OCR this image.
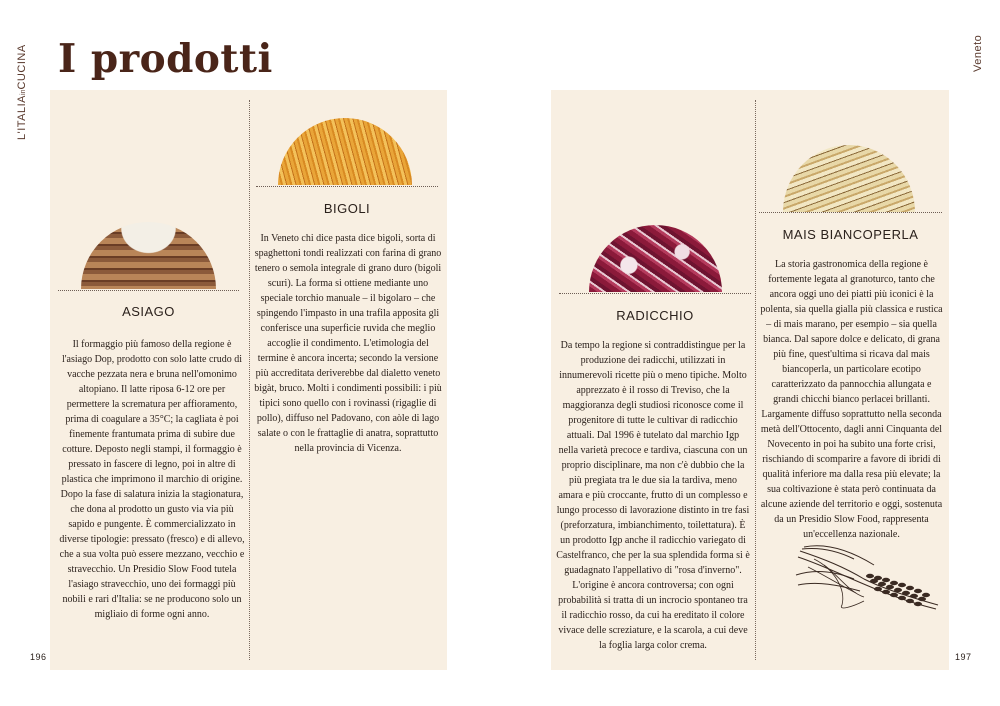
L'ITALIAinCUCINA	Veneto
I prodotti
ASIAGO
Il formaggio più famoso della regione è l'asiago Dop, prodotto con solo latte crudo di vacche pezzata nera e bruna nell'omonimo altopiano. Il latte riposa 6-12 ore per permettere la scrematura per affioramento, prima di coagulare a 35°C; la cagliata è poi finemente frantumata prima di subire due cotture. Deposto negli stampi, il formaggio è pressato in fascere di legno, poi in altre di plastica che imprimono il marchio di origine. Dopo la fase di salatura inizia la stagionatura, che dona al prodotto un gusto via via più sapido e pungente. È commercializzato in diverse tipologie: pressato (fresco) e di allevo, che a sua volta può essere mezzano, vecchio e stravecchio. Un Presidio Slow Food tutela l'asiago stravecchio, uno dei formaggi più nobili e rari d'Italia: se ne producono solo un migliaio di forme ogni anno.
BIGOLI
In Veneto chi dice pasta dice bigoli, sorta di spaghettoni tondi realizzati con farina di grano tenero o semola integrale di grano duro (bigoli scuri). La forma si ottiene mediante uno speciale torchio manuale – il bigolaro – che spingendo l'impasto in una trafila apposita gli conferisce una superficie ruvida che meglio accoglie il condimento. L'etimologia del termine è ancora incerta; secondo la versione più accreditata deriverebbe dal dialetto veneto bigàt, bruco. Molti i condimenti possibili: i più tipici sono quello con i rovinassi (rigaglie di pollo), diffuso nel Padovano, con aòle di lago salate o con le frattaglie di anatra, soprattutto nella provincia di Vicenza.
RADICCHIO
Da tempo la regione si contraddistingue per la produzione dei radicchi, utilizzati in innumerevoli ricette più o meno tipiche. Molto apprezzato è il rosso di Treviso, che la maggioranza degli studiosi riconosce come il progenitore di tutte le cultivar di radicchio attuali. Dal 1996 è tutelato dal marchio Igp nella varietà precoce e tardiva, ciascuna con un proprio disciplinare, ma non c'è dubbio che la più pregiata tra le due sia la tardiva, meno amara e più croccante, frutto di un complesso e lungo processo di lavorazione distinto in tre fasi (preforzatura, imbianchimento, toilettatura). È un prodotto Igp anche il radicchio variegato di Castelfranco, che per la sua splendida forma si è guadagnato l'appellativo di "rosa d'inverno". L'origine è ancora controversa; con ogni probabilità si tratta di un incrocio spontaneo tra il radicchio rosso, da cui ha ereditato il colore vivace delle screziature, e la scarola, a cui deve la foglia larga color crema.
MAIS BIANCOPERLA
La storia gastronomica della regione è fortemente legata al granoturco, tanto che ancora oggi uno dei piatti più iconici è la polenta, sia quella gialla più classica e rustica – di mais marano, per esempio – sia quella bianca. Dal sapore dolce e delicato, di grana più fine, quest'ultima si ricava dal mais biancoperla, un particolare ecotipo caratterizzato da pannocchia allungata e grandi chicchi bianco perlacei brillanti. Largamente diffuso soprattutto nella seconda metà dell'Ottocento, dagli anni Cinquanta del Novecento in poi ha subito una forte crisi, rischiando di scomparire a favore di ibridi di qualità inferiore ma dalla resa più elevate; la sua coltivazione è stata però continuata da alcune aziende del territorio e oggi, sostenuta da un Presidio Slow Food, rappresenta un'eccellenza nazionale.
196	197
